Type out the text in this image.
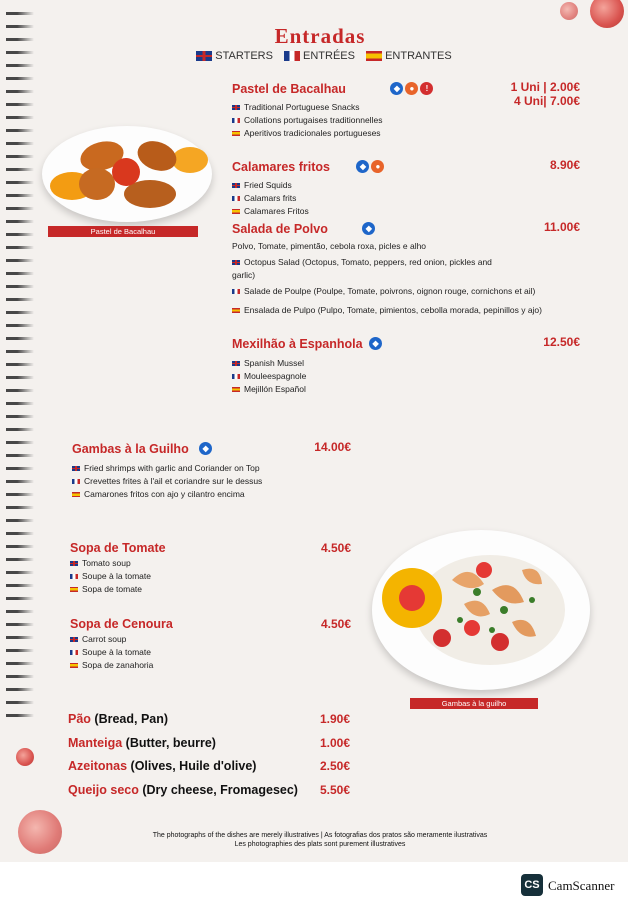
Entradas
STARTERS	ENTRÉES	ENTRANTES
Pastel de Bacalhau	◆ ● !
Traditional Portuguese Snacks
Collations portugaises traditionnelles
Aperitivos tradicionales portugueses
1 Uni | 2.00€
4 Uni| 7.00€
Pastel de Bacalhau
Calamares fritos	◆ ●
Fried Squids
Calamars frits
Calamares Fritos
8.90€
Salada de Polvo	◆
Polvo, Tomate, pimentão, cebola roxa, picles e alho
Octopus Salad (Octopus, Tomato, peppers, red onion, pickles and garlic)
Salade de Poulpe (Poulpe, Tomate, poivrons, oignon rouge, cornichons et ail)
Ensalada de Pulpo (Pulpo, Tomate, pimientos, cebolla morada, pepinillos y ajo)
11.00€
Mexilhão à Espanhola ◆
Spanish Mussel
Mouleespagnole
Mejillón Español
12.50€
Gambas à la Guilho ◆
Fried shrimps with garlic and Coriander on Top
Crevettes frites à l'ail et coriandre sur le dessus
Camarones fritos con ajo y cilantro encima
14.00€
Sopa de Tomate
Tomato soup
Soupe à la tomate
Sopa de tomate
4.50€
Sopa de Cenoura
Carrot soup
Soupe à la tomate
Sopa de zanahoria
4.50€
Gambas à la guilho
Pão (Bread, Pan)	1.90€
Manteiga (Butter, beurre)	1.00€
Azeitonas (Olives, Huile d'olive)	2.50€
Queijo seco (Dry cheese, Fromagesec) 5.50€
The photographs of the dishes are merely illustratives | As fotografias dos pratos são meramente ilustrativas
Les photographies des plats sont purement illustratives
CS CamScanner
